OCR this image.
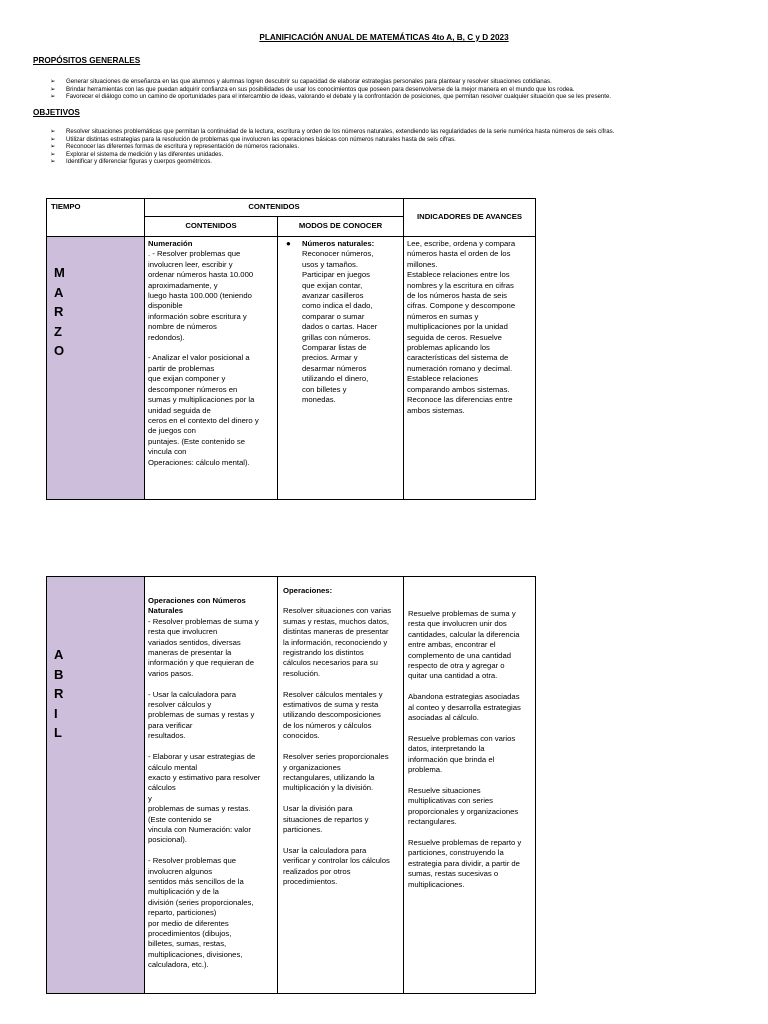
PLANIFICACIÓN ANUAL DE MATEMÁTICAS 4to A, B, C y D 2023
PROPÓSITOS GENERALES
➢ Generar situaciones de enseñanza en las que alumnos y alumnas logren descubrir su capacidad de elaborar estrategias personales para plantear y resolver situaciones cotidianas.
➢ Brindar herramientas con las que puedan adquirir confianza en sus posibilidades de usar los conocimientos que poseen para desenvolverse de la mejor manera en el mundo que los rodea.
➢ Favorecer el diálogo como un camino de oportunidades para el intercambio de ideas, valorando el debate y la confrontación de posiciones, que permitan resolver cualquier situación que se les presente.
OBJETIVOS
➢ Resolver situaciones problemáticas que permitan la continuidad de la lectura, escritura y orden de los números naturales, extendiendo las regularidades de la serie numérica hasta números de seis cifras.
➢ Utilizar distintas estrategias para la resolución de problemas que involucren las operaciones básicas con números naturales hasta de seis cifras.
➢ Reconocer las diferentes formas de escritura y representación de números racionales.
➢ Explorar el sistema de medición y las diferentes unidades.
➢ Identificar y diferenciar figuras y cuerpos geométricos.
TIEMPO	CONTENIDOS
CONTENIDOS	MODOS DE CONOCER
INDICADORES DE AVANCES
M
A
R
Z
O
Numeración
. - Resolver problemas que
involucren leer, escribir y
ordenar números hasta 10.000
aproximadamente, y
luego hasta 100.000 (teniendo
disponible
información sobre escritura y
nombre de números
redondos).

- Analizar el valor posicional a
partir de problemas
que exijan componer y
descomponer números en
sumas y multiplicaciones por la
unidad seguida de
ceros en el contexto del dinero y
de juegos con
puntajes. (Este contenido se
vincula con
Operaciones: cálculo mental).
● Números naturales:
Reconocer números,
usos y tamaños.
Participar en juegos
que exijan contar,
avanzar casilleros
como indica el dado,
comparar o sumar
dados o cartas. Hacer
grillas con números.
Comparar listas de
precios. Armar y
desarmar números
utilizando el dinero,
con billetes y
monedas.
Lee, escribe, ordena y compara
números hasta el orden de los
millones.
Establece relaciones entre los
nombres y la escritura en cifras
de los números hasta de seis
cifras. Compone y descompone
números en sumas y
multiplicaciones por la unidad
seguida de ceros. Resuelve
problemas aplicando los
características del sistema de
numeración romano y decimal.
Establece relaciones
comparando ambos sistemas.
Reconoce las diferencias entre
ambos sistemas.
A
B
R
I
L
Operaciones con Números
Naturales
- Resolver problemas de suma y
resta que involucren
variados sentidos, diversas
maneras de presentar la
información y que requieran de
varios pasos.

- Usar la calculadora para
resolver cálculos y
problemas de sumas y restas y
para verificar
resultados.

- Elaborar y usar estrategias de
cálculo mental
exacto y estimativo para resolver
cálculos
y
problemas de sumas y restas.
(Este contenido se
vincula con Numeración: valor
posicional).

- Resolver problemas que
involucren algunos
sentidos más sencillos de la
multiplicación y de la
división (series proporcionales,
reparto, particiones)
por medio de diferentes
procedimientos (dibujos,
billetes, sumas, restas,
multiplicaciones, divisiones,
calculadora, etc.).
Operaciones:
Resolver situaciones con varias
sumas y restas, muchos datos,
distintas maneras de presentar
la información, reconociendo y
registrando los distintos
cálculos necesarios para su
resolución.

Resolver cálculos mentales y
estimativos de suma y resta
utilizando descomposiciones
de los números y cálculos
conocidos.

Resolver series proporcionales
y organizaciones
rectangulares, utilizando la
multiplicación y la división.

Usar la división para
situaciones de repartos y
particiones.

Usar la calculadora para
verificar y controlar los cálculos
realizados por otros
procedimientos.
Resuelve problemas de suma y
resta que involucren unir dos
cantidades, calcular la diferencia
entre ambas, encontrar el
complemento de una cantidad
respecto de otra y agregar o
quitar una cantidad a otra.

Abandona estrategias asociadas
al conteo y desarrolla estrategias
asociadas al cálculo.

Resuelve problemas con varios
datos, interpretando la
información que brinda el
problema.

Resuelve situaciones
multiplicativas con series
proporcionales y organizaciones
rectangulares.

Resuelve problemas de reparto y
particiones, construyendo la
estrategia para dividir, a partir de
sumas, restas sucesivas o
multiplicaciones.
